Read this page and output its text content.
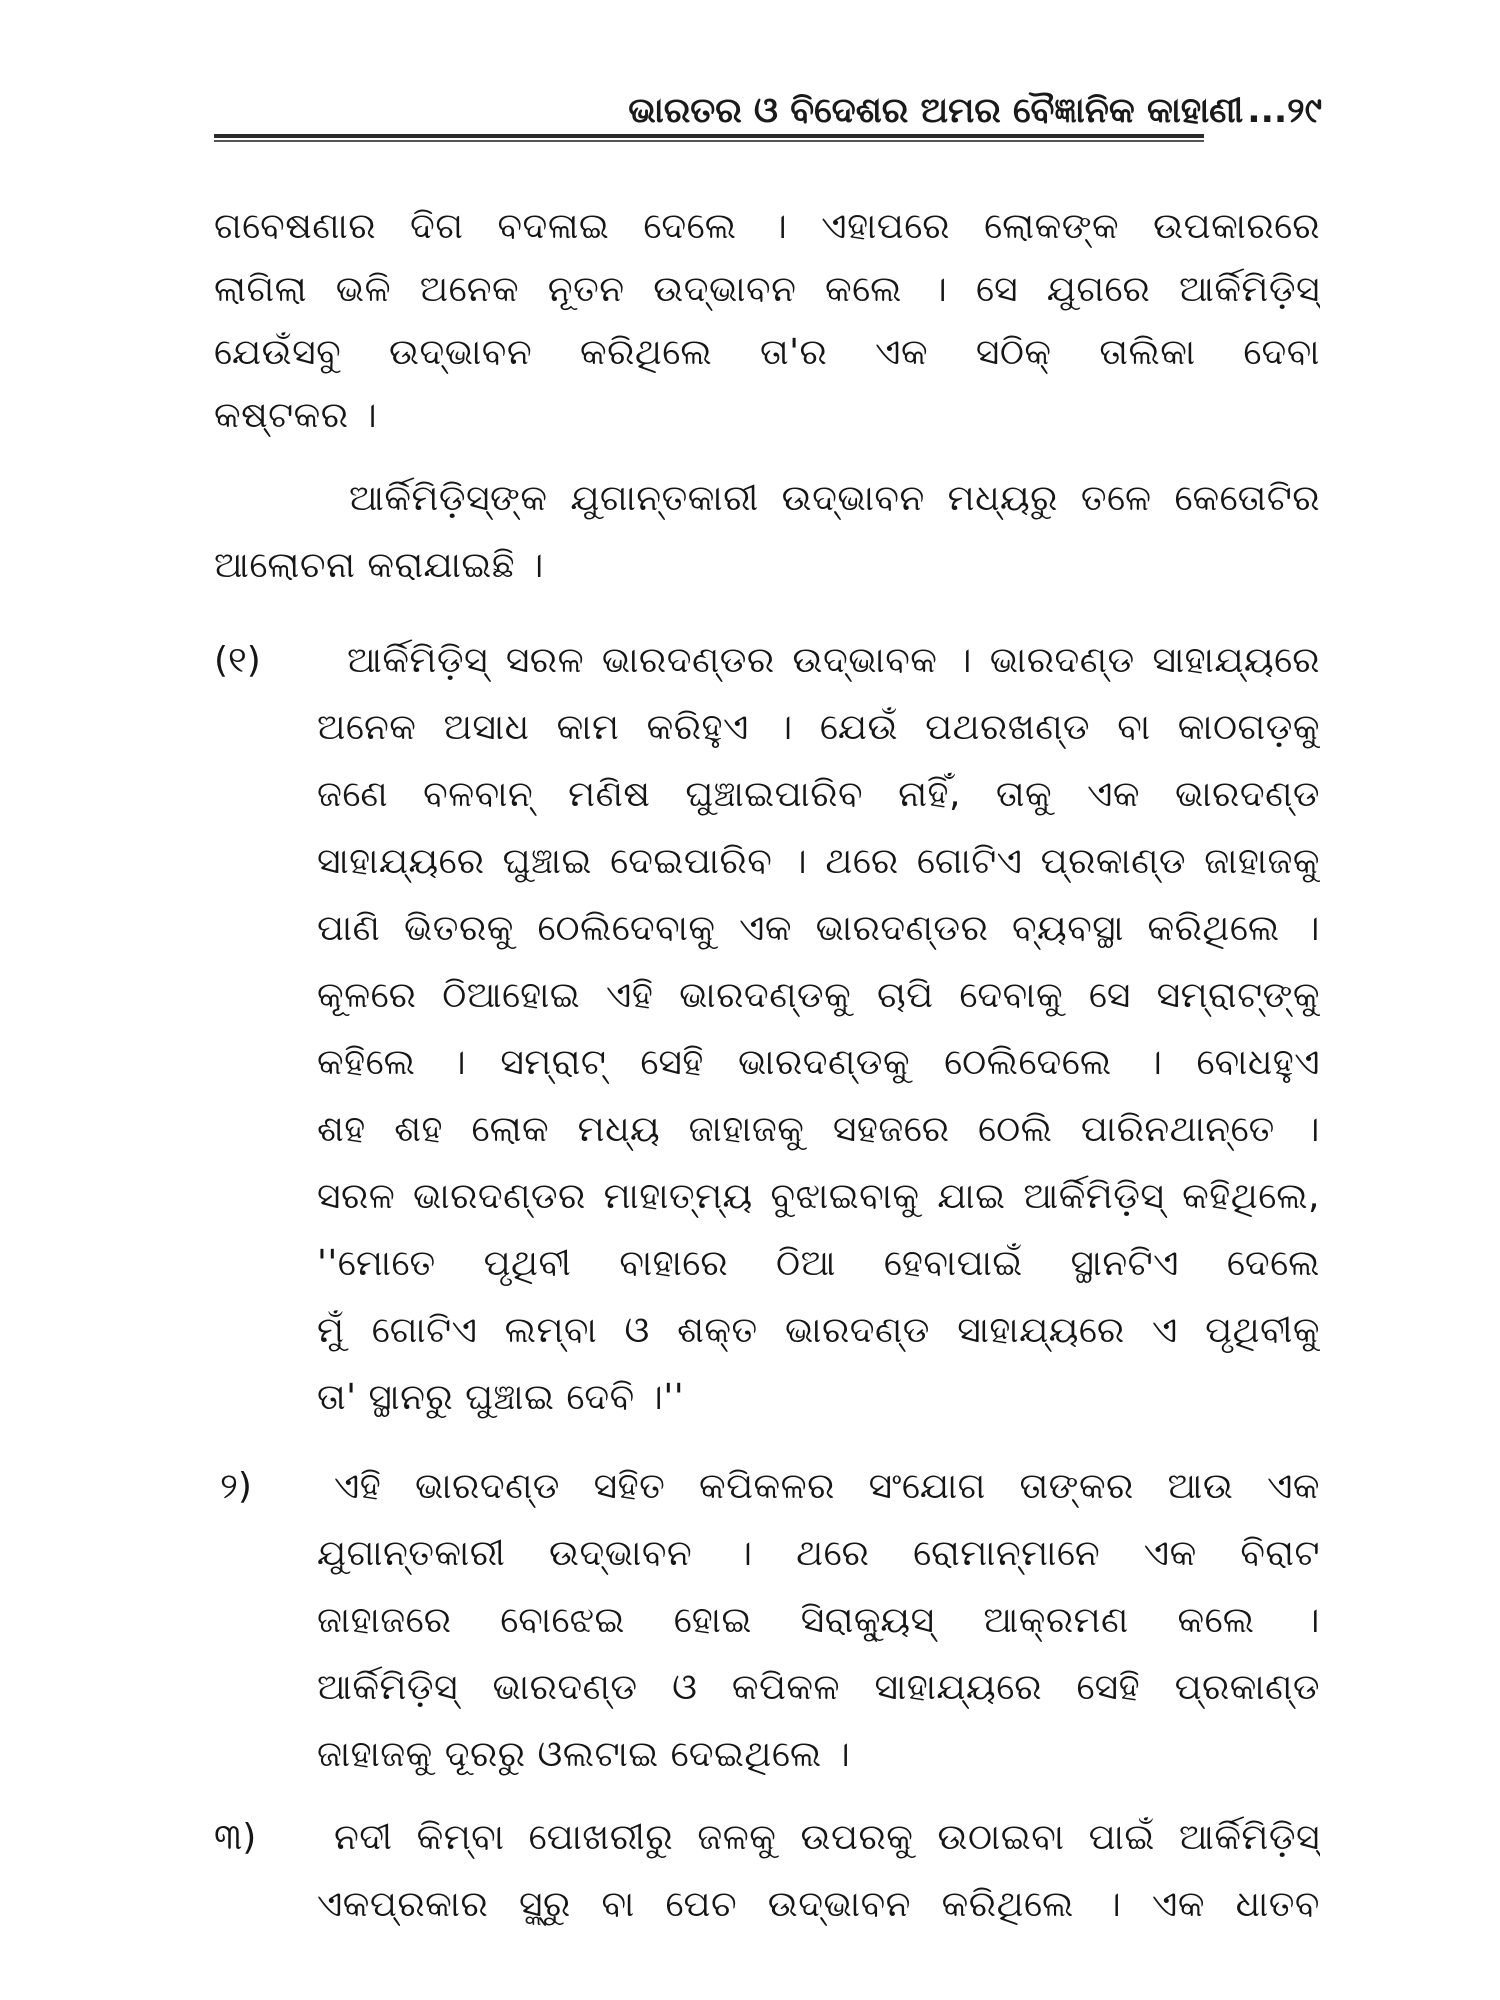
ଭାରତର ଓ ବିଦେଶର ଅମର ବୈଜ୍ଞାନିକ କାହାଣୀ ...୨୯
ଗବେଷଣାର ଦିଗ ବଦଳାଇ ଦେଲେ । ଏହାପରେ ଲୋକଙ୍କ ଉପକାରରେ
ଲାଗିଲା ଭଳି ଅନେକ ନୂତନ ଉଦ୍ଭାବନ କଲେ । ସେ ଯୁଗରେ ଆର୍କିମିଡ଼ିସ୍
ଯେଉଁସବୁ ଉଦ୍ଭାବନ କରିଥିଲେ ତା'ର ଏକ ସଠିକ୍ ତାଲିକା ଦେବା
କଷ୍ଟକର ।
ଆର୍କିମିଡ଼ିସ୍‌ଙ୍କ ଯୁଗାନ୍ତକାରୀ ଉଦ୍ଭାବନ ମଧ୍ୟରୁ ତଳେ କେତୋଟିର
ଆଲୋଚନା କରାଯାଇଛି ।
(୧)	ଆର୍କିମିଡ଼ିସ୍ ସରଳ ଭାରଦଣ୍ଡର ଉଦ୍ଭାବକ । ଭାରଦଣ୍ଡ ସାହାଯ୍ୟରେ
ଅନେକ ଅସାଧ କାମ କରିହୁଏ । ଯେଉଁ ପଥରଖଣ୍ଡ ବା କାଠଗଡ଼କୁ
ଜଣେ ବଳବାନ୍ ମଣିଷ ଘୁଞ୍ଚାଇପାରିବ ନାହିଁ, ତାକୁ ଏକ ଭାରଦଣ୍ଡ
ସାହାଯ୍ୟରେ ଘୁଞ୍ଚାଇ ଦେଇପାରିବ । ଥରେ ଗୋଟିଏ ପ୍ରକାଣ୍ଡ ଜାହାଜକୁ
ପାଣି ଭିତରକୁ ଠେଲିଦେବାକୁ ଏକ ଭାରଦଣ୍ଡର ବ୍ୟବସ୍ଥା କରିଥିଲେ ।
କୂଳରେ ଠିଆହୋଇ ଏହି ଭାରଦଣ୍ଡକୁ ଚାପି ଦେବାକୁ ସେ ସମ୍ରାଟ୍‌ଙ୍କୁ
କହିଲେ । ସମ୍ରାଟ୍ ସେହି ଭାରଦଣ୍ଡକୁ ଠେଲିଦେଲେ । ବୋଧହୁଏ
ଶହ ଶହ ଲୋକ ମଧ୍ୟ ଜାହାଜକୁ ସହଜରେ ଠେଲି ପାରିନଥାନ୍ତେ ।
ସରଳ ଭାରଦଣ୍ଡର ମାହାତ୍ମ୍ୟ ବୁଝାଇବାକୁ ଯାଇ ଆର୍କିମିଡ଼ିସ୍ କହିଥିଲେ,
''ମୋତେ ପୃଥିବୀ ବାହାରେ ଠିଆ ହେବାପାଇଁ ସ୍ଥାନଟିଏ ଦେଲେ
ମୁଁ ଗୋଟିଏ ଲମ୍ବା ଓ ଶକ୍ତ ଭାରଦଣ୍ଡ ସାହାଯ୍ୟରେ ଏ ପୃଥିବୀକୁ
ତା' ସ୍ଥାନରୁ ଘୁଞ୍ଚାଇ ଦେବି ।''
୨)	ଏହି ଭାରଦଣ୍ଡ ସହିତ କପିକଳର ସଂଯୋଗ ତାଙ୍କର ଆଉ ଏକ
ଯୁଗାନ୍ତକାରୀ ଉଦ୍ଭାବନ । ଥରେ ରୋମାନ୍‌ମାନେ ଏକ ବିରାଟ
ଜାହାଜରେ ବୋଝେଇ ହୋଇ ସିରାକ୍ୟୁସ୍ ଆକ୍ରମଣ କଲେ ।
ଆର୍କିମିଡ଼ିସ୍ ଭାରଦଣ୍ଡ ଓ କପିକଳ ସାହାଯ୍ୟରେ ସେହି ପ୍ରକାଣ୍ଡ
ଜାହାଜକୁ ଦୂରରୁ ଓଲଟାଇ ଦେଇଥିଲେ ।
୩)	ନଦୀ କିମ୍ବା ପୋଖରୀରୁ ଜଳକୁ ଉପରକୁ ଉଠାଇବା ପାଇଁ ଆର୍କିମିଡ଼ିସ୍
ଏକପ୍ରକାର ସ୍କ୍ରୁ ବା ପେଚ ଉଦ୍ଭାବନ କରିଥିଲେ । ଏକ ଧାତବ
